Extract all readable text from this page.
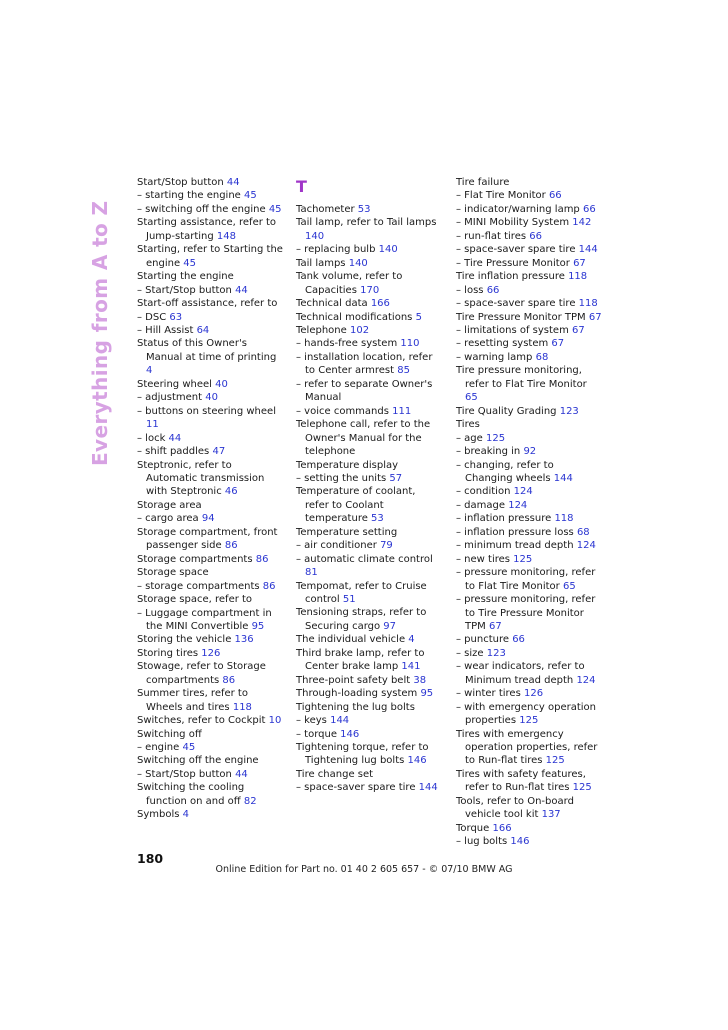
Everything from A to Z
Start/Stop button 44
– starting the engine 45
– switching off the engine 45
Starting assistance, refer to Jump-starting 148
Starting, refer to Starting the engine 45
Starting the engine
– Start/Stop button 44
Start-off assistance, refer to
– DSC 63
– Hill Assist 64
Status of this Owner's Manual at time of printing 4
Steering wheel 40
– adjustment 40
– buttons on steering wheel 11
– lock 44
– shift paddles 47
Steptronic, refer to Automatic transmission with Steptronic 46
Storage area
– cargo area 94
Storage compartment, front passenger side 86
Storage compartments 86
Storage space
– storage compartments 86
Storage space, refer to
– Luggage compartment in the MINI Convertible 95
Storing the vehicle 136
Storing tires 126
Stowage, refer to Storage compartments 86
Summer tires, refer to Wheels and tires 118
Switches, refer to Cockpit 10
Switching off
– engine 45
Switching off the engine
– Start/Stop button 44
Switching the cooling function on and off 82
Symbols 4
T
Tachometer 53
Tail lamp, refer to Tail lamps 140
– replacing bulb 140
Tail lamps 140
Tank volume, refer to Capacities 170
Technical data 166
Technical modifications 5
Telephone 102
– hands-free system 110
– installation location, refer to Center armrest 85
– refer to separate Owner's Manual
– voice commands 111
Telephone call, refer to the Owner's Manual for the telephone
Temperature display
– setting the units 57
Temperature of coolant, refer to Coolant temperature 53
Temperature setting
– air conditioner 79
– automatic climate control 81
Tempomat, refer to Cruise control 51
Tensioning straps, refer to Securing cargo 97
The individual vehicle 4
Third brake lamp, refer to Center brake lamp 141
Three-point safety belt 38
Through-loading system 95
Tightening the lug bolts
– keys 144
– torque 146
Tightening torque, refer to Tightening lug bolts 146
Tire change set
– space-saver spare tire 144
Tire failure
– Flat Tire Monitor 66
– indicator/warning lamp 66
– MINI Mobility System 142
– run-flat tires 66
– space-saver spare tire 144
– Tire Pressure Monitor 67
Tire inflation pressure 118
– loss 66
– space-saver spare tire 118
Tire Pressure Monitor TPM 67
– limitations of system 67
– resetting system 67
– warning lamp 68
Tire pressure monitoring, refer to Flat Tire Monitor 65
Tire Quality Grading 123
Tires
– age 125
– breaking in 92
– changing, refer to Changing wheels 144
– condition 124
– damage 124
– inflation pressure 118
– inflation pressure loss 68
– minimum tread depth 124
– new tires 125
– pressure monitoring, refer to Flat Tire Monitor 65
– pressure monitoring, refer to Tire Pressure Monitor TPM 67
– puncture 66
– size 123
– wear indicators, refer to Minimum tread depth 124
– winter tires 126
– with emergency operation properties 125
Tires with emergency operation properties, refer to Run-flat tires 125
Tires with safety features, refer to Run-flat tires 125
Tools, refer to On-board vehicle tool kit 137
Torque 166
– lug bolts 146
180
Online Edition for Part no. 01 40 2 605 657 - © 07/10 BMW AG
